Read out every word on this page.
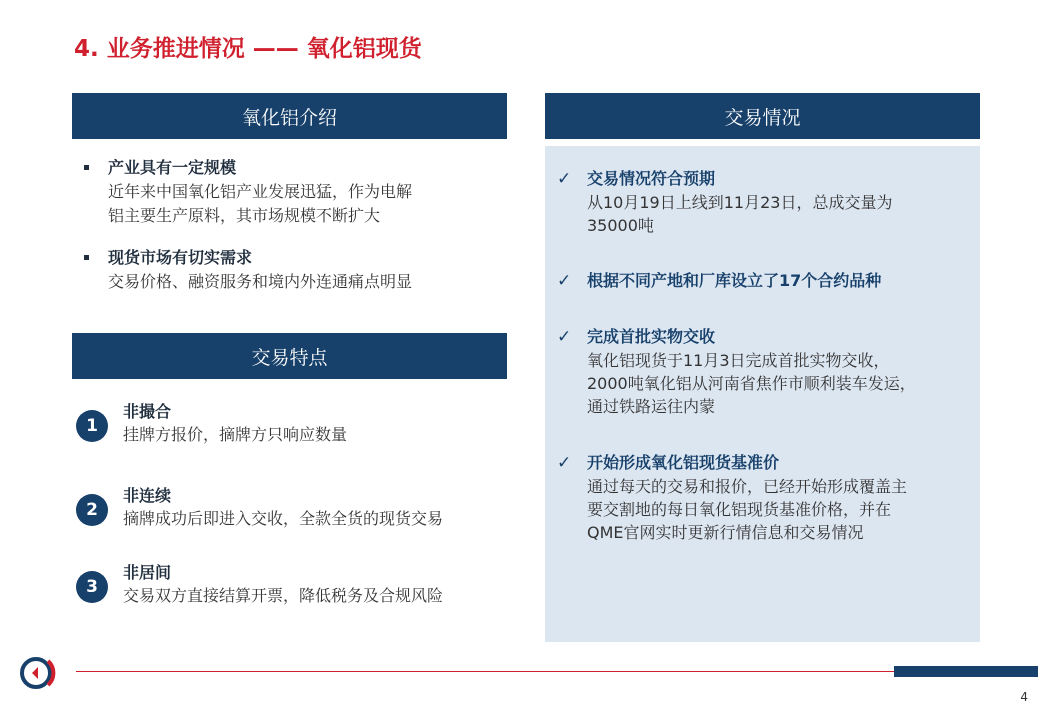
4. 业务推进情况 —— 氧化铝现货
氧化铝介绍
产业具有一定规模
近年来中国氧化铝产业发展迅猛，作为电解
铝主要生产原料，其市场规模不断扩大
现货市场有切实需求
交易价格、融资服务和境内外连通痛点明显
交易特点
1
非撮合
挂牌方报价，摘牌方只响应数量
2
非连续
摘牌成功后即进入交收，全款全货的现货交易
3
非居间
交易双方直接结算开票，降低税务及合规风险
交易情况
✓ 交易情况符合预期
从10月19日上线到11月23日，总成交量为
35000吨
✓ 根据不同产地和厂库设立了17个合约品种
✓ 完成首批实物交收
氧化铝现货于11月3日完成首批实物交收，
2000吨氧化铝从河南省焦作市顺利装车发运，
通过铁路运往内蒙
✓ 开始形成氧化铝现货基准价
通过每天的交易和报价，已经开始形成覆盖主
要交割地的每日氧化铝现货基准价格，并在
QME官网实时更新行情信息和交易情况
4
